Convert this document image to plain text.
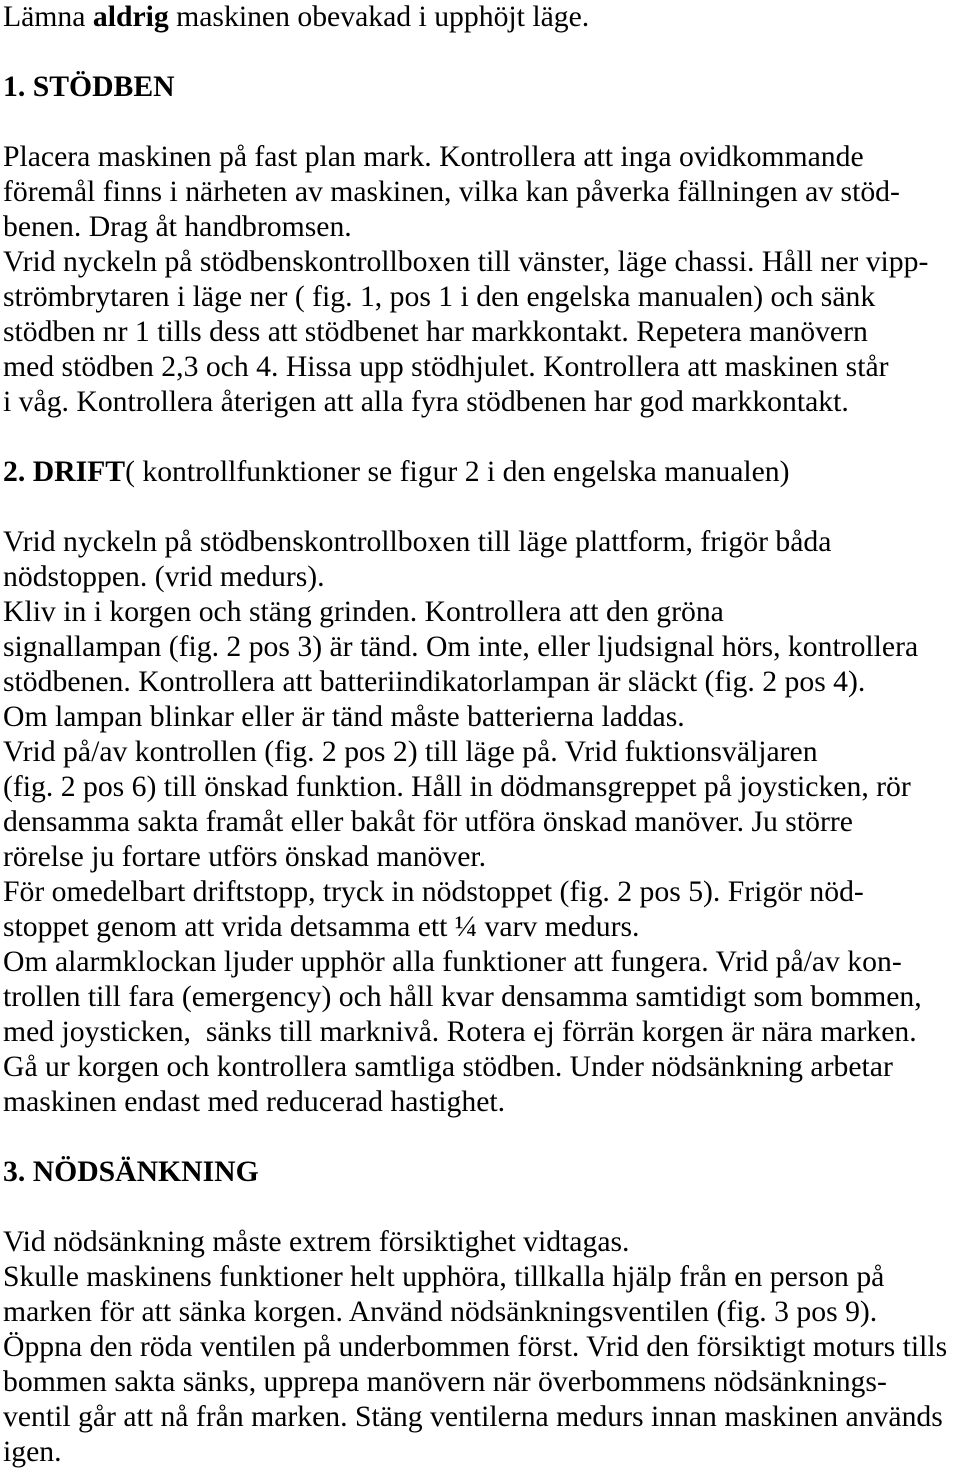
Lämna aldrig maskinen obevakad i upphöjt läge.
1. STÖDBEN
Placera maskinen på fast plan mark. Kontrollera att inga ovidkommande
föremål finns i närheten av maskinen, vilka kan påverka fällningen av stöd-
benen. Drag åt handbromsen.
Vrid nyckeln på stödbenskontrollboxen till vänster, läge chassi. Håll ner vipp-
strömbrytaren i läge ner ( fig. 1, pos 1 i den engelska manualen) och sänk
stödben nr 1 tills dess att stödbenet har markkontakt. Repetera manövern
med stödben 2,3 och 4. Hissa upp stödhjulet. Kontrollera att maskinen står
i våg. Kontrollera återigen att alla fyra stödbenen har god markkontakt.
2. DRIFT( kontrollfunktioner se figur 2 i den engelska manualen)
Vrid nyckeln på stödbenskontrollboxen till läge plattform, frigör båda
nödstoppen. (vrid medurs).
Kliv in i korgen och stäng grinden. Kontrollera att den gröna
signallampan (fig. 2 pos 3) är tänd. Om inte, eller ljudsignal hörs, kontrollera
stödbenen. Kontrollera att batteriindikatorlampan är släckt (fig. 2 pos 4).
Om lampan blinkar eller är tänd måste batterierna laddas.
Vrid på/av kontrollen (fig. 2 pos 2) till läge på. Vrid fuktionsväljaren
(fig. 2 pos 6) till önskad funktion. Håll in dödmansgreppet på joysticken, rör
densamma sakta framåt eller bakåt för utföra önskad manöver. Ju större
rörelse ju fortare utförs önskad manöver.
För omedelbart driftstopp, tryck in nödstoppet (fig. 2 pos 5). Frigör nöd-
stoppet genom att vrida detsamma ett ¼ varv medurs.
Om alarmklockan ljuder upphör alla funktioner att fungera. Vrid på/av kon-
trollen till fara (emergency) och håll kvar densamma samtidigt som bommen,
med joysticken,  sänks till marknivå. Rotera ej förrän korgen är nära marken.
Gå ur korgen och kontrollera samtliga stödben. Under nödsänkning arbetar
maskinen endast med reducerad hastighet.
3. NÖDSÄNKNING
Vid nödsänkning måste extrem försiktighet vidtagas.
Skulle maskinens funktioner helt upphöra, tillkalla hjälp från en person på
marken för att sänka korgen. Använd nödsänkningsventilen (fig. 3 pos 9).
Öppna den röda ventilen på underbommen först. Vrid den försiktigt moturs tills
bommen sakta sänks, upprepa manövern när överbommens nödsänknings-
ventil går att nå från marken. Stäng ventilerna medurs innan maskinen används
igen.
